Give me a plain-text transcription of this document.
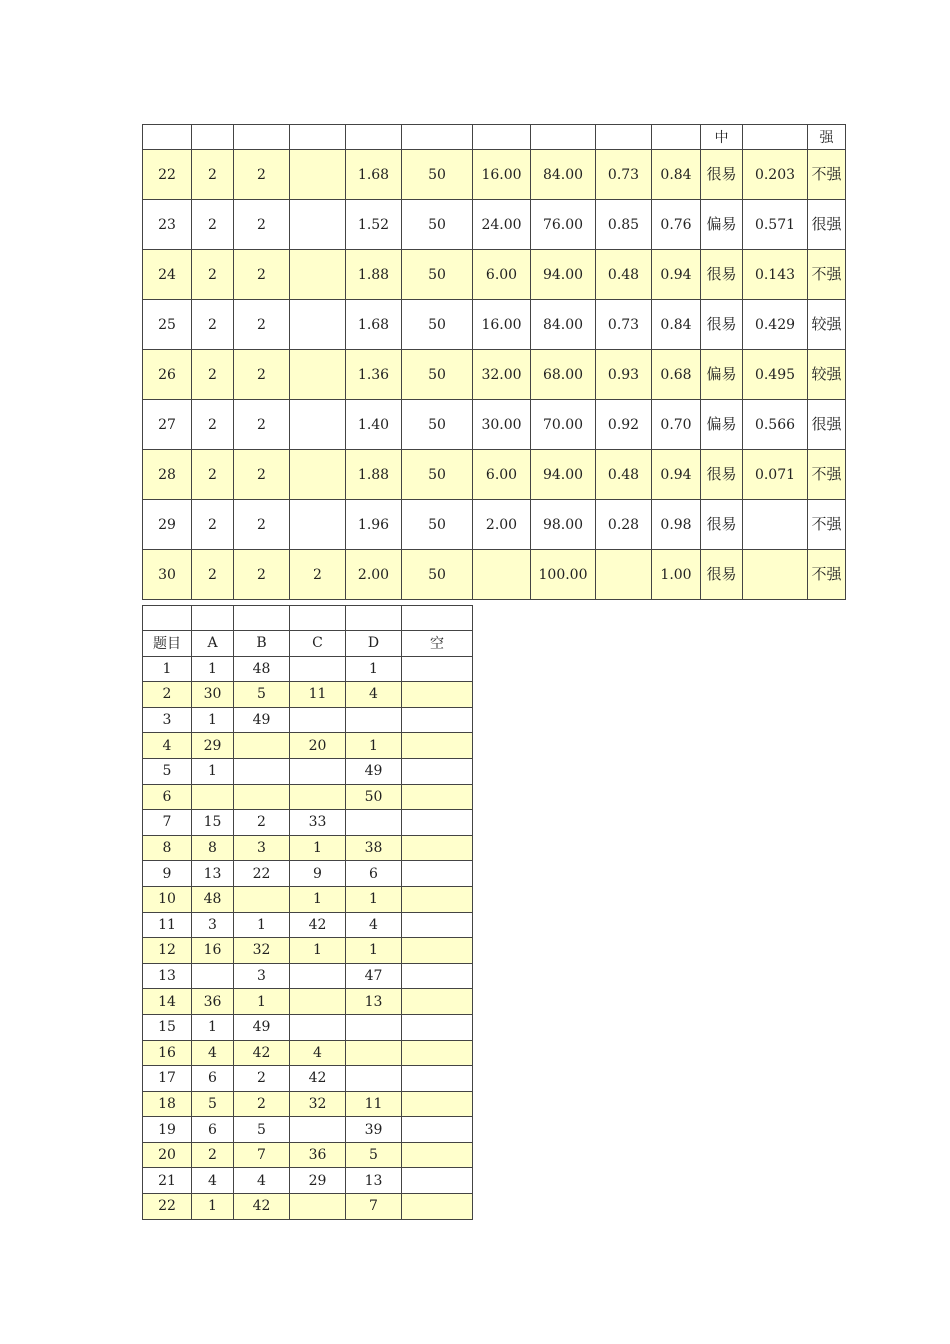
										中		强
22	2	2		1.68	50	16.00	84.00	0.73	0.84	很易	0.203	不强
23	2	2		1.52	50	24.00	76.00	0.85	0.76	偏易	0.571	很强
24	2	2		1.88	50	6.00	94.00	0.48	0.94	很易	0.143	不强
25	2	2		1.68	50	16.00	84.00	0.73	0.84	很易	0.429	较强
26	2	2		1.36	50	32.00	68.00	0.93	0.68	偏易	0.495	较强
27	2	2		1.40	50	30.00	70.00	0.92	0.70	偏易	0.566	很强
28	2	2		1.88	50	6.00	94.00	0.48	0.94	很易	0.071	不强
29	2	2		1.96	50	2.00	98.00	0.28	0.98	很易		不强
30	2	2	2	2.00	50		100.00		1.00	很易		不强

题目	A	B	C	D	空
1	1	48		1	
2	30	5	11	4	
3	1	49			
4	29		20	1	
5	1			49	
6				50	
7	15	2	33		
8	8	3	1	38	
9	13	22	9	6	
10	48		1	1	
11	3	1	42	4	
12	16	32	1	1	
13		3		47	
14	36	1		13	
15	1	49			
16	4	42	4		
17	6	2	42		
18	5	2	32	11	
19	6	5		39	
20	2	7	36	5	
21	4	4	29	13	
22	1	42		7	
